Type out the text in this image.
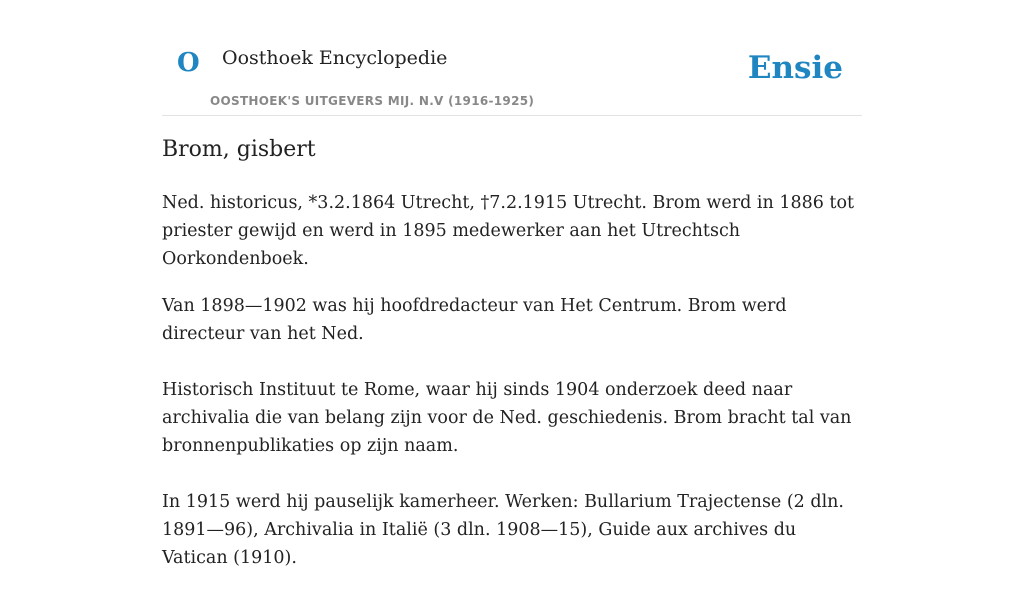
O Oosthoek Encyclopedie
OOSTHOEK'S UITGEVERS MIJ. N.V (1916-1925)
Ensie
Brom, gisbert

Ned. historicus, *3.2.1864 Utrecht, †7.2.1915 Utrecht. Brom werd in 1886 tot priester gewijd en werd in 1895 medewerker aan het Utrechtsch Oorkondenboek.

Van 1898—1902 was hij hoofdredacteur van Het Centrum. Brom werd directeur van het Ned.

Historisch Instituut te Rome, waar hij sinds 1904 onderzoek deed naar archivalia die van belang zijn voor de Ned. geschiedenis. Brom bracht tal van bronnenpublikaties op zijn naam.

In 1915 werd hij pauselijk kamerheer. Werken: Bullarium Trajectense (2 dln. 1891—96), Archivalia in Italië (3 dln. 1908—15), Guide aux archives du Vatican (1910).
